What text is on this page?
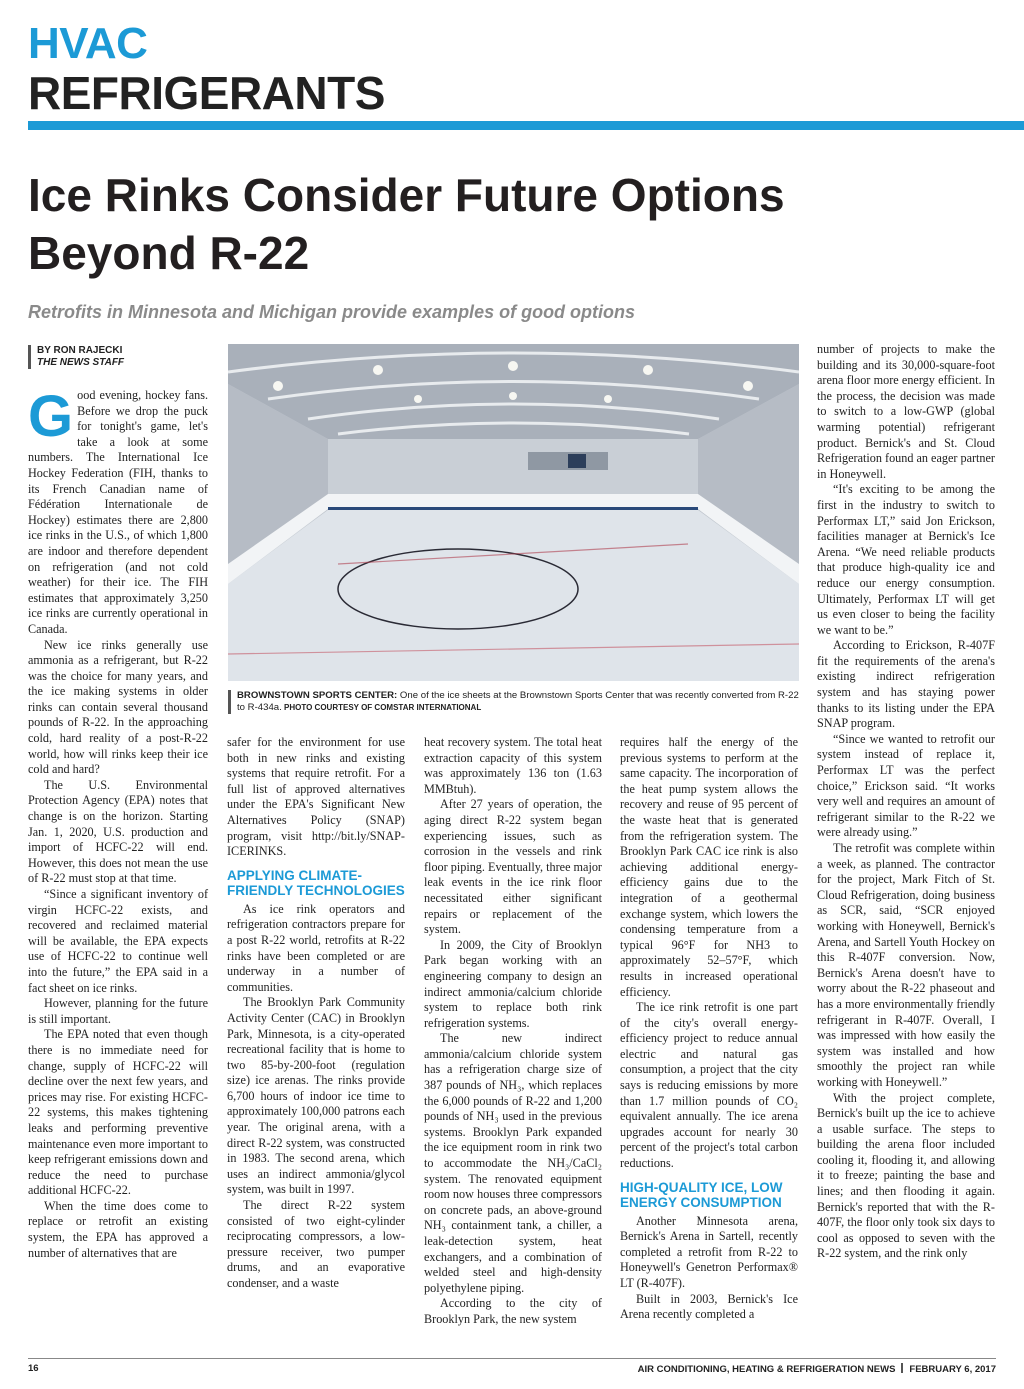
HVAC
REFRIGERANTS
Ice Rinks Consider Future Options Beyond R-22
Retrofits in Minnesota and Michigan provide examples of good options
BY RON RAJECKI
THE NEWS STAFF
BROWNSTOWN SPORTS CENTER: One of the ice sheets at the Brownstown Sports Center that was recently converted from R-22 to R-434a. PHOTO COURTESY OF COMSTAR INTERNATIONAL

Good evening, hockey fans. Before we drop the puck for tonight's game, let's take a look at some numbers. The International Ice Hockey Federation (FIH, thanks to its French Canadian name of Fédération Internationale de Hockey) estimates there are 2,800 ice rinks in the U.S., of which 1,800 are indoor and therefore dependent on refrigeration (and not cold weather) for their ice. The FIH estimates that approximately 3,250 ice rinks are currently operational in Canada.

New ice rinks generally use ammonia as a refrigerant, but R-22 was the choice for many years, and the ice making systems in older rinks can contain several thousand pounds of R-22. In the approaching cold, hard reality of a post-R-22 world, how will rinks keep their ice cold and hard?

The U.S. Environmental Protection Agency (EPA) notes that change is on the horizon. Starting Jan. 1, 2020, U.S. production and import of HCFC-22 will end. However, this does not mean the use of R-22 must stop at that time.

“Since a significant inventory of virgin HCFC-22 exists, and recovered and reclaimed material will be available, the EPA expects use of HCFC-22 to continue well into the future,” the EPA said in a fact sheet on ice rinks.

However, planning for the future is still important.

The EPA noted that even though there is no immediate need for change, supply of HCFC-22 will decline over the next few years, and prices may rise. For existing HCFC-22 systems, this makes tightening leaks and performing preventive maintenance even more important to keep refrigerant emissions down and reduce the need to purchase additional HCFC-22.

When the time does come to replace or retrofit an existing system, the EPA has approved a number of alternatives that are

safer for the environment for use both in new rinks and existing systems that require retrofit. For a full list of approved alternatives under the EPA's Significant New Alternatives Policy (SNAP) program, visit http://bit.ly/SNAP-ICERINKS.

APPLYING CLIMATE-FRIENDLY TECHNOLOGIES

As ice rink operators and refrigeration contractors prepare for a post R-22 world, retrofits at R-22 rinks have been completed or are underway in a number of communities.

The Brooklyn Park Community Activity Center (CAC) in Brooklyn Park, Minnesota, is a city-operated recreational facility that is home to two 85-by-200-foot (regulation size) ice arenas. The rinks provide 6,700 hours of indoor ice time to approximately 100,000 patrons each year. The original arena, with a direct R-22 system, was constructed in 1983. The second arena, which uses an indirect ammonia/glycol system, was built in 1997.

The direct R-22 system consisted of two eight-cylinder reciprocating compressors, a low-pressure receiver, two pumper drums, and an evaporative condenser, and a waste

heat recovery system. The total heat extraction capacity of this system was approximately 136 ton (1.63 MMBtuh).

After 27 years of operation, the aging direct R-22 system began experiencing issues, such as corrosion in the vessels and rink floor piping. Eventually, three major leak events in the ice rink floor necessitated either significant repairs or replacement of the system.

In 2009, the City of Brooklyn Park began working with an engineering company to design an indirect ammonia/calcium chloride system to replace both rink refrigeration systems.

The new indirect ammonia/calcium chloride system has a refrigeration charge size of 387 pounds of NH₃, which replaces the 6,000 pounds of R-22 and 1,200 pounds of NH₃ used in the previous systems. Brooklyn Park expanded the ice equipment room in rink two to accommodate the NH₃/CaCl₂ system. The renovated equipment room now houses three compressors on concrete pads, an above-ground NH₃ containment tank, a chiller, a leak-detection system, heat exchangers, and a combination of welded steel and high-density polyethylene piping.

According to the city of Brooklyn Park, the new system

requires half the energy of the previous systems to perform at the same capacity. The incorporation of the heat pump system allows the recovery and reuse of 95 percent of the waste heat that is generated from the refrigeration system. The Brooklyn Park CAC ice rink is also achieving additional energy-efficiency gains due to the integration of a geothermal exchange system, which lowers the condensing temperature from a typical 96°F for NH3 to approximately 52–57°F, which results in increased operational efficiency.

The ice rink retrofit is one part of the city's overall energy-efficiency project to reduce annual electric and natural gas consumption, a project that the city says is reducing emissions by more than 1.7 million pounds of CO₂ equivalent annually. The ice arena upgrades account for nearly 30 percent of the project's total carbon reductions.

HIGH-QUALITY ICE, LOW ENERGY CONSUMPTION

Another Minnesota arena, Bernick's Arena in Sartell, recently completed a retrofit from R-22 to Honeywell's Genetron Performax® LT (R-407F).

Built in 2003, Bernick's Ice Arena recently completed a

number of projects to make the building and its 30,000-square-foot arena floor more energy efficient. In the process, the decision was made to switch to a low-GWP (global warming potential) refrigerant product. Bernick's and St. Cloud Refrigeration found an eager partner in Honeywell.

“It's exciting to be among the first in the industry to switch to Performax LT,” said Jon Erickson, facilities manager at Bernick's Ice Arena. “We need reliable products that produce high-quality ice and reduce our energy consumption. Ultimately, Performax LT will get us even closer to being the facility we want to be.”

According to Erickson, R-407F fit the requirements of the arena's existing indirect refrigeration system and has staying power thanks to its listing under the EPA SNAP program.

“Since we wanted to retrofit our system instead of replace it, Performax LT was the perfect choice,” Erickson said. “It works very well and requires an amount of refrigerant similar to the R-22 we were already using.”

The retrofit was complete within a week, as planned. The contractor for the project, Mark Fitch of St. Cloud Refrigeration, doing business as SCR, said, “SCR enjoyed working with Honeywell, Bernick's Arena, and Sartell Youth Hockey on this R-407F conversion. Now, Bernick's Arena doesn't have to worry about the R-22 phaseout and has a more environmentally friendly refrigerant in R-407F. Overall, I was impressed with how easily the system was installed and how smoothly the project ran while working with Honeywell.”

With the project complete, Bernick's built up the ice to achieve a usable surface. The steps to building the arena floor included cooling it, flooding it, and allowing it to freeze; painting the base and lines; and then flooding it again. Bernick's reported that with the R-407F, the floor only took six days to cool as opposed to seven with the R-22 system, and the rink only

16	AIR CONDITIONING, HEATING & REFRIGERATION NEWS FEBRUARY 6, 2017
